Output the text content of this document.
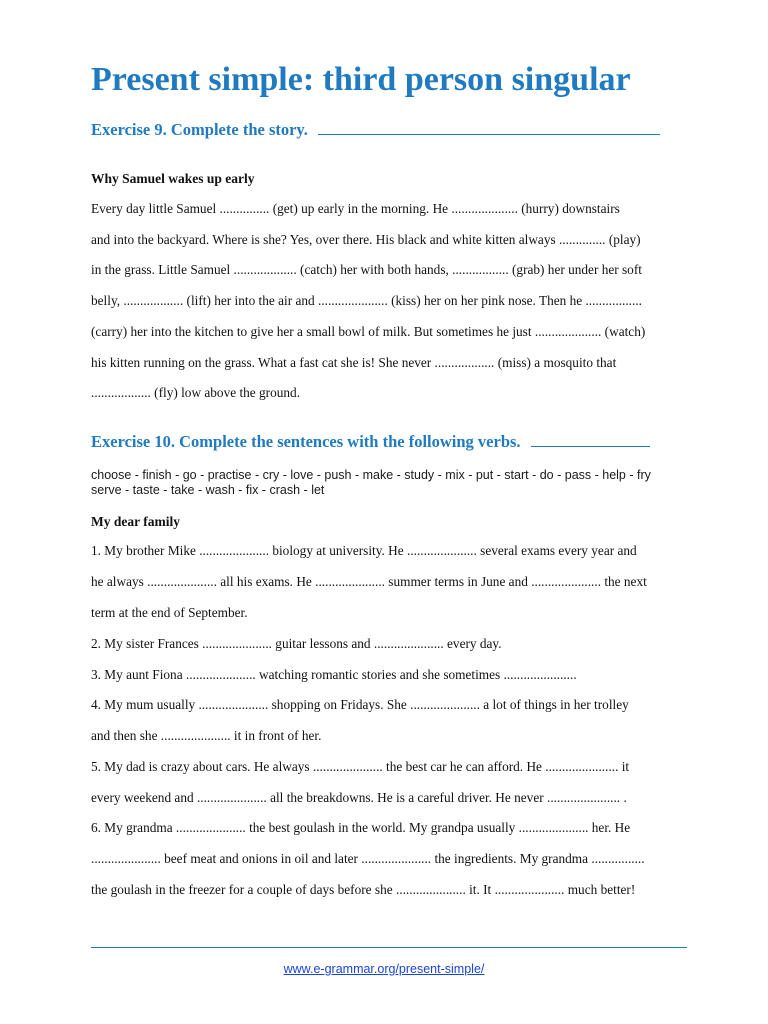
Present simple: third person singular
Exercise 9. Complete the story.
Why Samuel wakes up early

Every day little Samuel ............... (get) up early in the morning. He .................... (hurry) downstairs

and into the backyard. Where is she? Yes, over there. His black and white kitten always .............. (play)

in the grass. Little Samuel ................... (catch) her with both hands, ................. (grab) her under her soft

belly, .................. (lift) her into the air and ..................... (kiss) her on her pink nose. Then he .................

(carry) her into the kitchen to give her a small bowl of milk. But sometimes he just .................... (watch)

his kitten running on the grass. What a fast cat she is! She never .................. (miss) a mosquito that

.................. (fly) low above the ground.

Exercise 10. Complete the sentences with the following verbs.

choose - finish - go - practise - cry - love - push - make - study - mix - put - start - do - pass - help - fry

serve - taste - take - wash - fix - crash - let

My dear family

1. My brother Mike ..................... biology at university. He ..................... several exams every year and

he always ..................... all his exams. He ..................... summer terms in June and ..................... the next

term at the end of September.

2. My sister Frances ..................... guitar lessons and ..................... every day.

3. My aunt Fiona ..................... watching romantic stories and she sometimes ......................

4. My mum usually ..................... shopping on Fridays. She ..................... a lot of things in her trolley

and then she ..................... it in front of her.

5. My dad is crazy about cars. He always ..................... the best car he can afford. He ...................... it

every weekend and ..................... all the breakdowns. He is a careful driver. He never ...................... .

6. My grandma ..................... the best goulash in the world. My grandpa usually ..................... her. He

..................... beef meat and onions in oil and later ..................... the ingredients. My grandma ................

the goulash in the freezer for a couple of days before she ..................... it. It ..................... much better!

www.e-grammar.org/present-simple/
